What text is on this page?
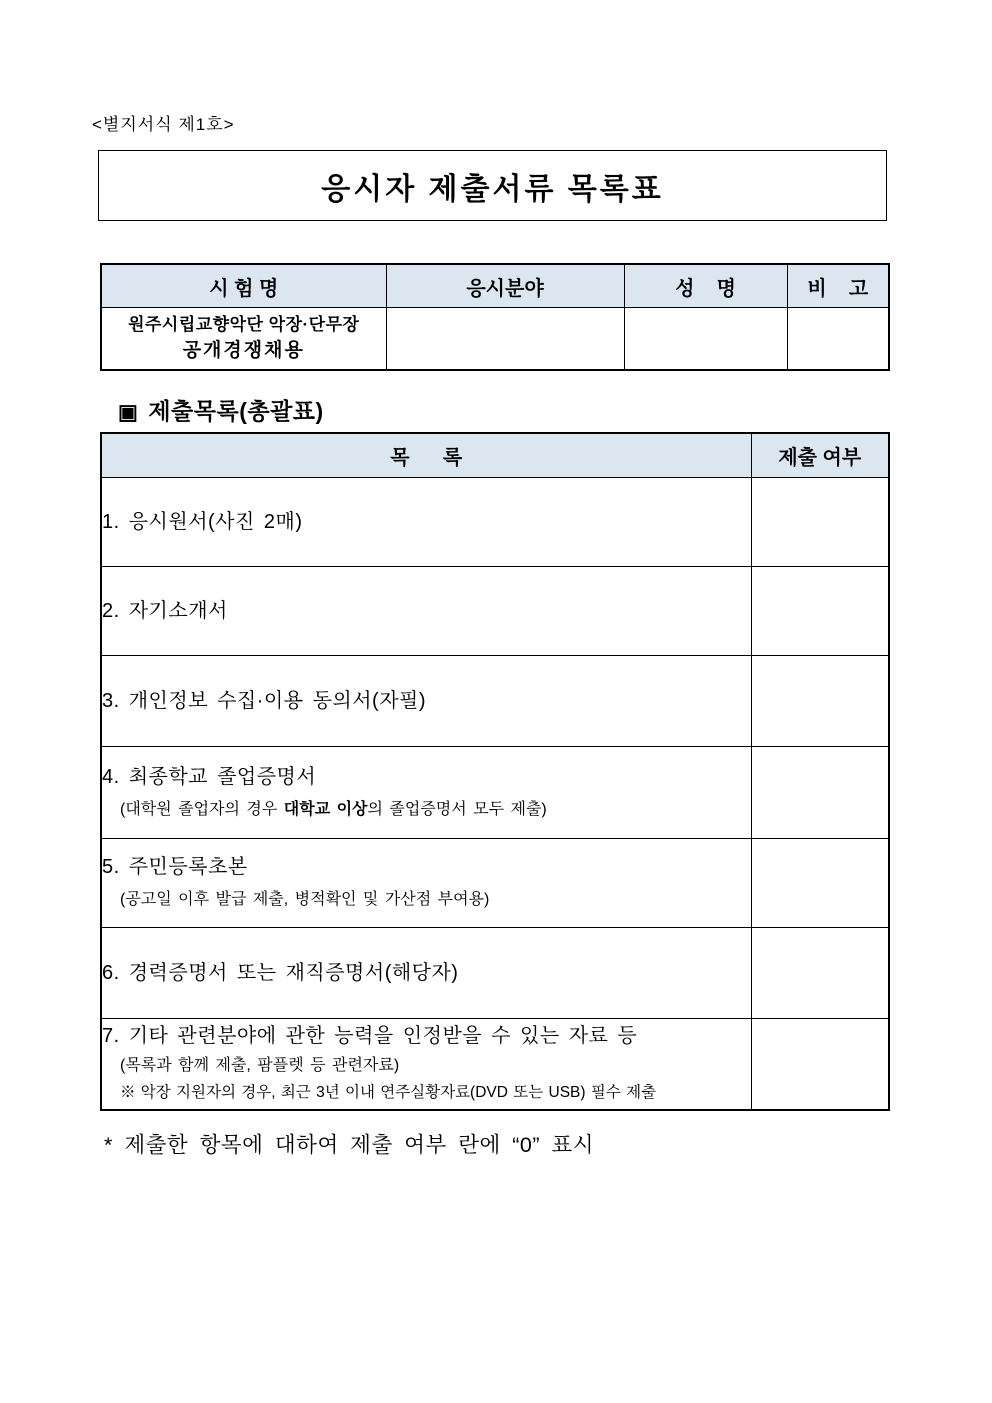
<별지서식 제1호>
응시자 제출서류 목록표
시 험 명	응시분야	성    명	비    고

원주시립교향악단 악장·단무장
공개경쟁채용			

▣ 제출목록(총괄표)
목      록	제출 여부

1. 응시원서(사진 2매)	

2. 자기소개서	

3. 개인정보 수집·이용 동의서(자필)	

4. 최종학교 졸업증명서
(대학원 졸업자의 경우 대학교 이상의 졸업증명서 모두 제출)	

5. 주민등록초본
(공고일 이후 발급 제출, 병적확인 및 가산점 부여용)	

6. 경력증명서 또는 재직증명서(해당자)	

7. 기타 관련분야에 관한 능력을 인정받을 수 있는 자료 등
(목록과 함께 제출, 팜플렛 등 관련자료)
※ 악장 지원자의 경우, 최근 3년 이내 연주실황자료(DVD 또는 USB) 필수 제출	

* 제출한 항목에 대하여 제출 여부 란에 “0” 표시
